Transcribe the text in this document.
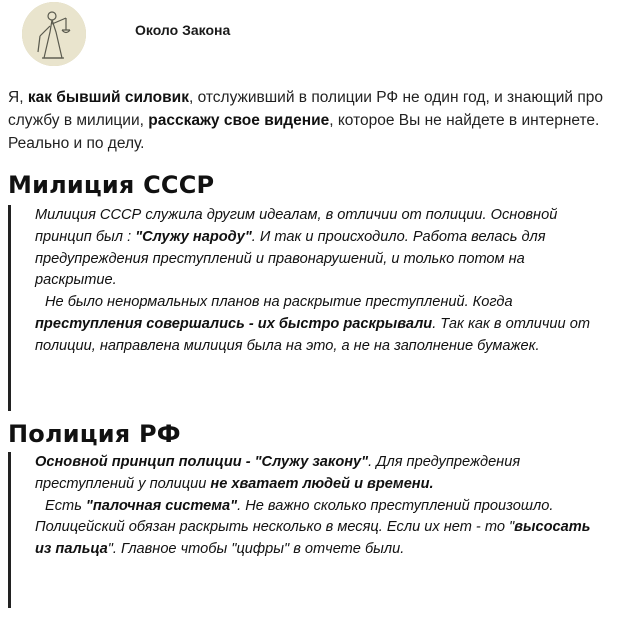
Около Закона
Я, как бывший силовик, отслуживший в полиции РФ не один год, и знающий про службу в милиции, расскажу свое видение, которое Вы не найдете в интернете. Реально и по делу.
Милиция СССР

Милиция СССР служила другим идеалам, в отличии от полиции. Основной принцип был : "Служу народу". И так и происходило. Работа велась для предупреждения преступлений и правонарушений, и только потом на раскрытие.

Не было ненормальных планов на раскрытие преступлений. Когда преступления совершались - их быстро раскрывали. Так как в отличии от полиции, направлена милиция была на это, а не на заполнение бумажек.

Полиция РФ

Основной принцип полиции - "Служу закону". Для предупреждения преступлений у полиции не хватает людей и времени.

Есть "палочная система". Не важно сколько преступлений произошло. Полицейский обязан раскрыть несколько в месяц. Если их нет - то "высосать из пальца". Главное чтобы "цифры" в отчете были.
